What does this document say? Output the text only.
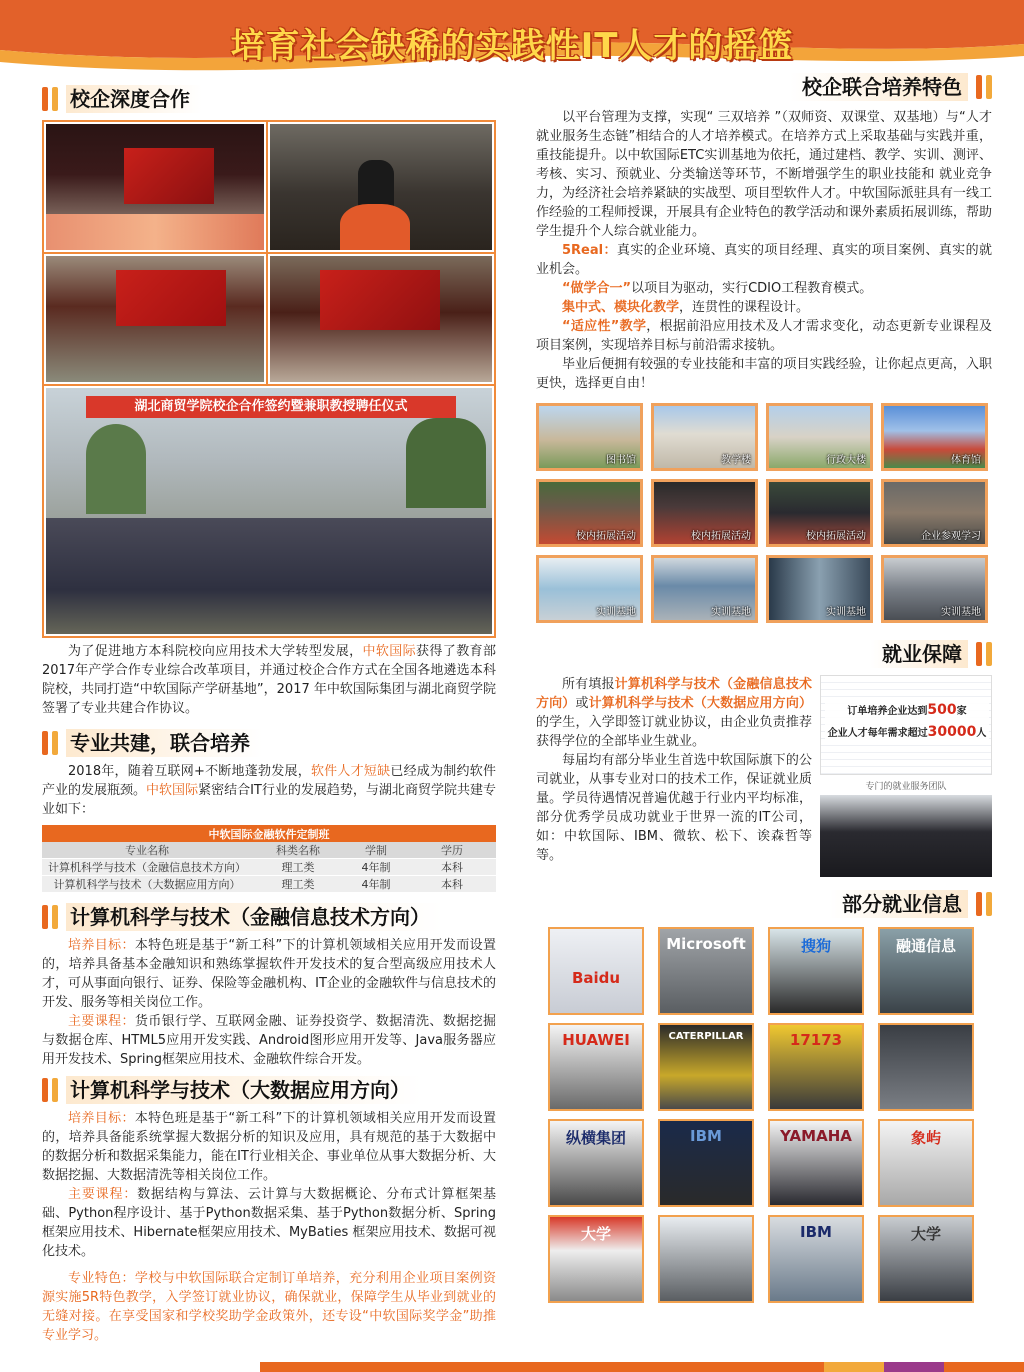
培育社会缺稀的实践性IT人才的摇篮
校企深度合作
湖北商贸学院校企合作签约暨兼职教授聘任仪式

为了促进地方本科院校向应用技术大学转型发展，中软国际获得了教育部2017年产学合作专业综合改革项目，并通过校企合作方式在全国各地遴选本科院校，共同打造“中软国际产学研基地”，2017 年中软国际集团与湖北商贸学院签署了专业共建合作协议。

专业共建，联合培养

2018年，随着互联网+不断地蓬勃发展，软件人才短缺已经成为制约软件产业的发展瓶颈。中软国际紧密结合IT行业的发展趋势，与湖北商贸学院共建专业如下：

中软国际金融软件定制班			
专业名称	科类名称	学制	学历
计算机科学与技术（金融信息技术方向）	理工类	4年制	本科
计算机科学与技术（大数据应用方向）	理工类	4年制	本科
计算机科学与技术（金融信息技术方向）

培养目标：本特色班是基于“新工科”下的计算机领域相关应用开发而设置的，培养具备基本金融知识和熟练掌握软件开发技术的复合型高级应用技术人才，可从事面向银行、证券、保险等金融机构、IT企业的金融软件与信息技术的开发、服务等相关岗位工作。

主要课程：货币银行学、互联网金融、证券投资学、数据清洗、数据挖掘与数据仓库、HTML5应用开发实践、Android图形应用开发等、Java服务器应用开发技术、Spring框架应用技术、金融软件综合开发。

计算机科学与技术（大数据应用方向）

培养目标：本特色班是基于“新工科”下的计算机领域相关应用开发而设置的，培养具备能系统掌握大数据分析的知识及应用，具有规范的基于大数据中的数据分析和数据采集能力，能在IT行业相关企、事业单位从事大数据分析、大数据挖掘、大数据清洗等相关岗位工作。

主要课程：数据结构与算法、云计算与大数据概论、分布式计算框架基础、Python程序设计、基于Python数据采集、基于Python数据分析、Spring框架应用技术、Hibernate框架应用技术、MyBaties 框架应用技术、数据可视化技术。

专业特色：学校与中软国际联合定制订单培养，充分利用企业项目案例资源实施5R特色教学，入学签订就业协议，确保就业，保障学生从毕业到就业的无缝对接。在享受国家和学校奖助学金政策外，还专设“中软国际奖学金”助推专业学习。

校企联合培养特色

以平台管理为支撑，实现“ 三双培养 ”（双师资、双课堂、双基地）与“人才就业服务生态链”相结合的人才培养模式。在培养方式上采取基础与实践并重，重技能提升。以中软国际ETC实训基地为依托，通过建档、教学、实训、测评、考核、实习、预就业、分类输送等环节，不断增强学生的职业技能和 就业竞争力，为经济社会培养紧缺的实战型、项目型软件人才。中软国际派驻具有一线工作经验的工程师授课，开展具有企业特色的教学活动和课外素质拓展训练，帮助学生提升个人综合就业能力。

5Real：真实的企业环境、真实的项目经理、真实的项目案例、真实的就业机会。

“做学合一”以项目为驱动，实行CDIO工程教育模式。

集中式、模块化教学，连贯性的课程设计。

“适应性”教学，根据前沿应用技术及人才需求变化，动态更新专业课程及项目案例，实现培养目标与前沿需求接轨。

毕业后便拥有较强的专业技能和丰富的项目实践经验，让你起点更高，入职更快，选择更自由！

图书馆	教学楼	行政大楼	体育馆
校内拓展活动	校内拓展活动	校内拓展活动	企业参观学习
实训基地	实训基地	实训基地	实训基地
就业保障

所有填报计算机科学与技术（金融信息技术方向）或计算机科学与技术（大数据应用方向）的学生，入学即签订就业协议，由企业负责推荐获得学位的全部毕业生就业。

每届均有部分毕业生首选中软国际旗下的公司就业，从事专业对口的技术工作，保证就业质量。学员待遇情况普遍优越于行业内平均标准，部分优秀学员成功就业于世界一流的IT公司，如：中软国际、IBM、微软、松下、诶森哲等等。

订单培养企业达到500家
企业人才每年需求超过30000人
专门的就业服务团队
部分就业信息
Baidu
Microsoft	搜狗	融通信息
HUAWEI	CATERPILLAR	17173
纵横集团	IBM	YAMAHA	象屿
大学	IBM	大学
